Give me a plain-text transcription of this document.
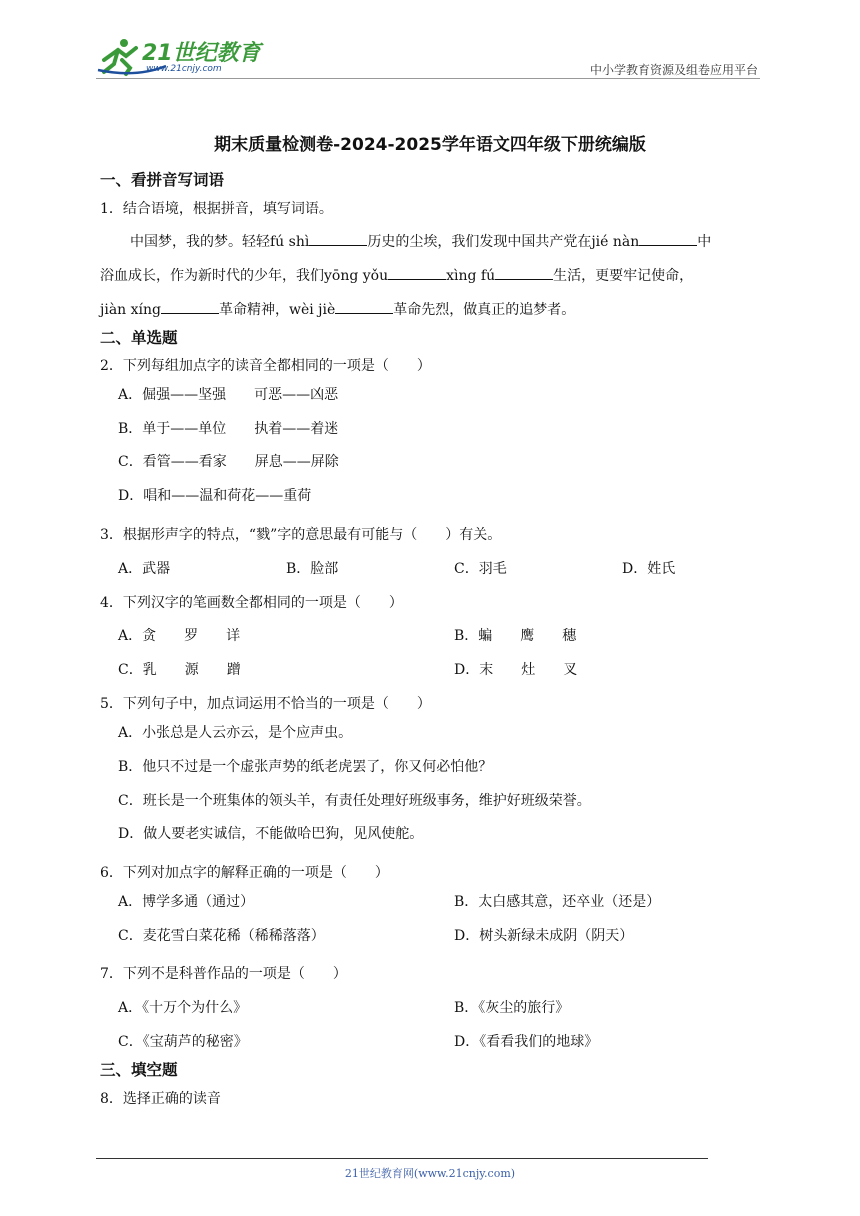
21世纪教育
www.21cnjy.com	中小学教育资源及组卷应用平台
期末质量检测卷-2024-2025学年语文四年级下册统编版
一、看拼音写词语
1．结合语境，根据拼音，填写词语。
中国梦，我的梦。轻轻fú shì	历史的尘埃，我们发现中国共产党在jié nàn	中
浴血成长，作为新时代的少年，我们yōng yǒu	xìng fú	生活，更要牢记使命，
jiàn xíng	革命精神，wèi jiè	革命先烈，做真正的追梦者。
二、单选题
2．下列每组加点字的读音全都相同的一项是（　　）
A．倔强——坚强　　可恶——凶恶
B．单于——单位　　执着——着迷
C．看管——看家　　屏息——屏除
D．唱和——温和荷花——重荷
3．根据形声字的特点，“戮”字的意思最有可能与（　　）有关。
A．武器	B．脸部	C．羽毛	D．姓氏
4．下列汉字的笔画数全都相同的一项是（　　）
A．贪　　罗　　详	B．蝙　　鹰　　穗
C．乳　　源　　蹭	D．末　　灶　　叉
5．下列句子中，加点词运用不恰当的一项是（　　）
A．小张总是人云亦云，是个应声虫。
B．他只不过是一个虚张声势的纸老虎罢了，你又何必怕他？
C．班长是一个班集体的领头羊，有责任处理好班级事务，维护好班级荣誉。
D．做人要老实诚信，不能做哈巴狗，见风使舵。
6．下列对加点字的解释正确的一项是（　　）
A．博学多通（通过）	B．太白感其意，还卒业（还是）
C．麦花雪白菜花稀（稀稀落落）	D．树头新绿未成阴（阴天）
7．下列不是科普作品的一项是（　　）
A．《十万个为什么》	B．《灰尘的旅行》
C．《宝葫芦的秘密》	D．《看看我们的地球》
三、填空题
8．选择正确的读音
21世纪教育网(www.21cnjy.com)
